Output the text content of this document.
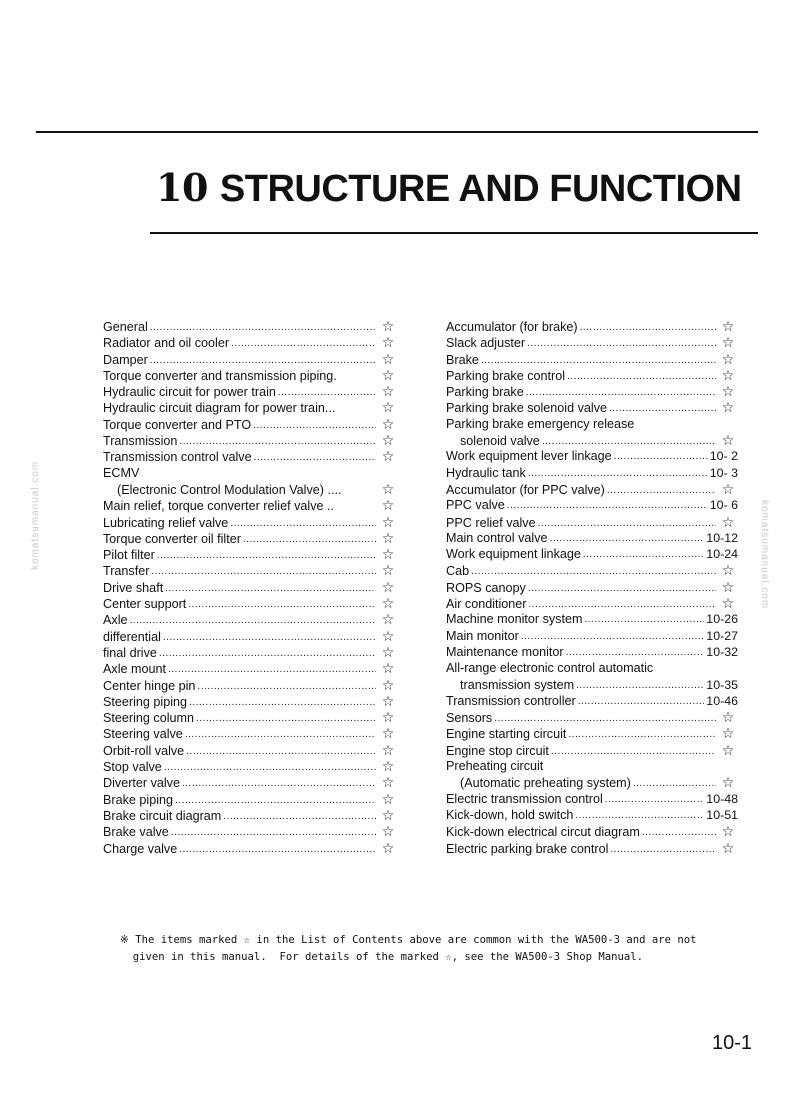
10 STRUCTURE AND FUNCTION
General .....	☆
Radiator and oil cooler .....	☆
Damper .....	☆
Torque converter and transmission piping.	☆
Hydraulic circuit for power train .....	☆
Hydraulic circuit diagram for power train...	☆
Torque converter and PTO .....	☆
Transmission .....	☆
Transmission control valve .....	☆
ECMV
(Electronic Control Modulation Valve) ....	☆
Main relief, torque converter relief valve ..	☆
Lubricating relief valve .....	☆
Torque converter oil filter .....	☆
Pilot filter .....	☆
Transfer .....	☆
Drive shaft .....	☆
Center support .....	☆
Axle .....	☆
differential .....	☆
final drive .....	☆
Axle mount .....	☆
Center hinge pin .....	☆
Steering piping .....	☆
Steering column .....	☆
Steering valve .....	☆
Orbit-roll valve .....	☆
Stop valve .....	☆
Diverter valve .....	☆
Brake piping .....	☆
Brake circuit diagram .....	☆
Brake valve .....	☆
Charge valve .....	☆
Accumulator (for brake) .....	☆
Slack adjuster .....	☆
Brake .....	☆
Parking brake control .....	☆
Parking brake .....	☆
Parking brake solenoid valve .....	☆
Parking brake emergency release
solenoid valve .....	☆
Work equipment lever linkage .....	10- 2
Hydraulic tank .....	10- 3
Accumulator (for PPC valve) .....	☆
PPC valve .....	10- 6
PPC relief valve .....	☆
Main control valve .....	10-12
Work equipment linkage .....	10-24
Cab .....	☆
ROPS canopy .....	☆
Air conditioner .....	☆
Machine monitor system .....	10-26
Main monitor .....	10-27
Maintenance monitor .....	10-32
All-range electronic control automatic
transmission system .....	10-35
Transmission controller .....	10-46
Sensors .....	☆
Engine starting circuit .....	☆
Engine stop circuit .....	☆
Preheating circuit
(Automatic preheating system) .....	☆
Electric transmission control .....	10-48
Kick-down, hold switch .....	10-51
Kick-down electrical circut diagram .....	☆
Electric parking brake control .....	☆
※ The items marked ☆ in the List of Contents above are common with the WA500-3 and are not
given in this manual.  For details of the marked ☆, see the WA500-3 Shop Manual.
10-1
komatsumanual.com	komatsumanual.com
